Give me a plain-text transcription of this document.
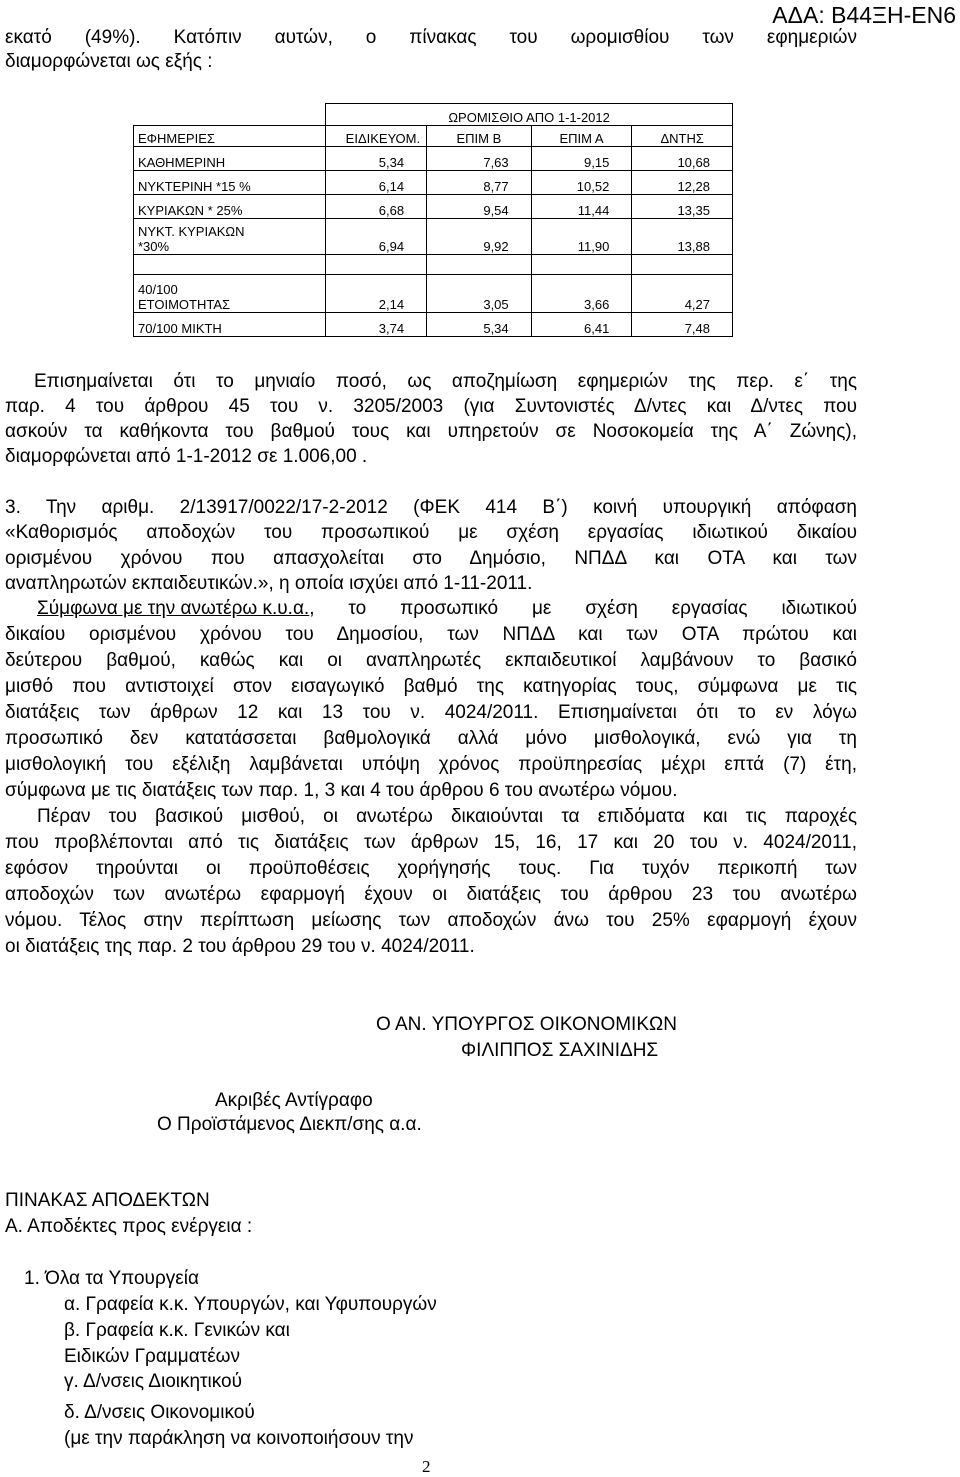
ΑΔΑ: Β44ΞΗ-ΕΝ6
εκατό (49%). Κατόπιν αυτών, ο πίνακας του ωρομισθίου των εφημεριών
διαμορφώνεται ως εξής :
	ΩΡΟΜΙΣΘΙΟ ΑΠΟ 1-1-2012			
ΕΦΗΜΕΡΙΕΣ	ΕΙΔΙΚΕΥΟΜ.	ΕΠΙΜ Β	ΕΠΙΜ Α	ΔΝΤΗΣ
ΚΑΘΗΜΕΡΙΝΗ	5,34	7,63	9,15	10,68
ΝΥΚΤΕΡΙΝΗ *15 %	6,14	8,77	10,52	12,28
ΚΥΡΙΑΚΩΝ * 25%	6,68	9,54	11,44	13,35

ΝΥΚΤ. ΚΥΡΙΑΚΩΝ
*30%	6,94	9,92	11,90	13,88

40/100
ΕΤΟΙΜΟΤΗΤΑΣ	2,14	3,05	3,66	4,27
70/100 ΜΙΚΤΗ	3,74	5,34	6,41	7,48
Επισημαίνεται ότι το μηνιαίο ποσό, ως αποζημίωση εφημεριών της περ. ε΄ της
παρ. 4 του άρθρου 45 του ν. 3205/2003 (για Συντονιστές Δ/ντες και Δ/ντες που
ασκούν τα καθήκοντα του βαθμού τους και υπηρετούν σε Νοσοκομεία της Α΄ Ζώνης),
διαμορφώνεται από 1-1-2012 σε 1.006,00 .
3. Την αριθμ. 2/13917/0022/17-2-2012 (ΦΕΚ 414 Β΄) κοινή υπουργική απόφαση
«Καθορισμός αποδοχών του προσωπικού με σχέση εργασίας ιδιωτικού δικαίου
ορισμένου χρόνου που απασχολείται στο Δημόσιο, ΝΠΔΔ και ΟΤΑ και των
αναπληρωτών εκπαιδευτικών.», η οποία ισχύει από 1-11-2011.
Σύμφωνα με την ανωτέρω κ.υ.α. , το προσωπικό με σχέση εργασίας ιδιωτικού
δικαίου ορισμένου χρόνου του Δημοσίου, των ΝΠΔΔ και των ΟΤΑ πρώτου και
δεύτερου βαθμού, καθώς και οι αναπληρωτές εκπαιδευτικοί λαμβάνουν το βασικό
μισθό που αντιστοιχεί στον εισαγωγικό βαθμό της κατηγορίας τους, σύμφωνα με τις
διατάξεις των άρθρων 12 και 13 του ν. 4024/2011. Επισημαίνεται ότι το εν λόγω
προσωπικό δεν κατατάσσεται βαθμολογικά αλλά μόνο μισθολογικά, ενώ για τη
μισθολογική του εξέλιξη λαμβάνεται υπόψη χρόνος προϋπηρεσίας μέχρι επτά (7) έτη,
σύμφωνα με τις διατάξεις των παρ. 1, 3 και 4 του άρθρου 6 του ανωτέρω νόμου.
Πέραν του βασικού μισθού, οι ανωτέρω δικαιούνται τα επιδόματα και τις παροχές
που προβλέπονται από τις διατάξεις των άρθρων 15, 16, 17 και 20 του ν. 4024/2011,
εφόσον τηρούνται οι προϋποθέσεις χορήγησής τους. Για τυχόν περικοπή των
αποδοχών των ανωτέρω εφαρμογή έχουν οι διατάξεις του άρθρου 23 του ανωτέρω
νόμου. Τέλος στην περίπτωση μείωσης των αποδοχών άνω του 25% εφαρμογή έχουν
οι διατάξεις της παρ. 2 του άρθρου 29 του ν. 4024/2011.
Ο ΑΝ. ΥΠΟΥΡΓΟΣ ΟΙΚΟΝΟΜΙΚΩΝ
ΦΙΛΙΠΠΟΣ ΣΑΧΙΝΙΔΗΣ
Ακριβές Αντίγραφο
Ο Προϊστάμενος Διεκπ/σης α.α.
ΠΙΝΑΚΑΣ ΑΠΟΔΕΚΤΩΝ
Α. Αποδέκτες προς ενέργεια :
1. Όλα τα Υπουργεία
α. Γραφεία κ.κ. Υπουργών, και Υφυπουργών
β. Γραφεία κ.κ. Γενικών και
Ειδικών Γραμματέων
γ. Δ/νσεις Διοικητικού
δ. Δ/νσεις Οικονομικού
(με την παράκληση να κοινοποιήσουν την
2
